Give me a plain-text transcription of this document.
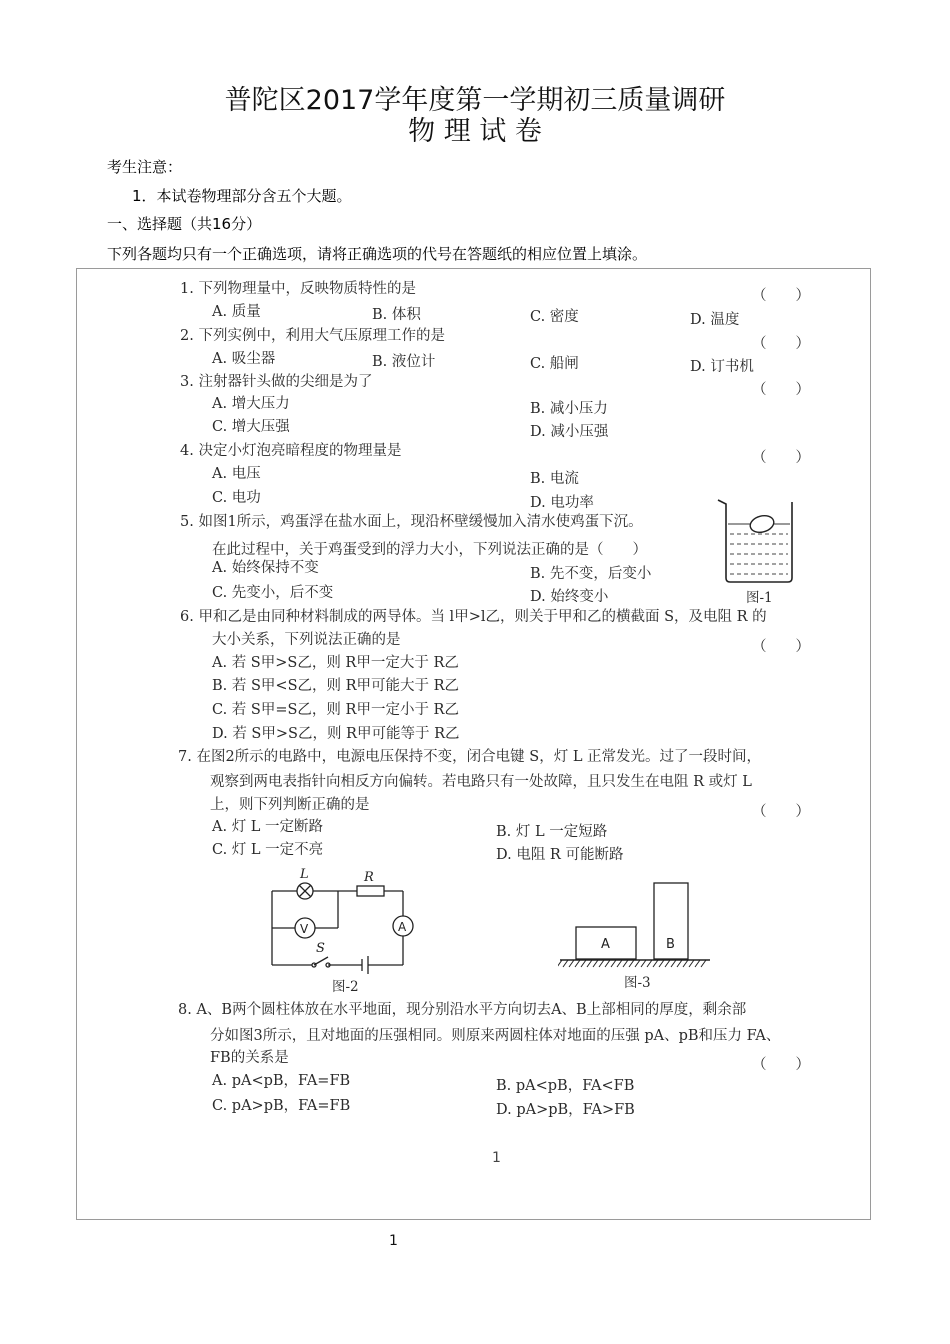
普陀区2017学年度第一学期初三质量调研
物 理 试 卷
考生注意：
1．本试卷物理部分含五个大题。
一、选择题（共16分）
下列各题均只有一个正确选项，请将正确选项的代号在答题纸的相应位置上填涂。
1. 下列物理量中，反映物质特性的是	（　　）
A. 质量	B. 体积	C. 密度	D. 温度
2. 下列实例中，利用大气压原理工作的是	（　　）
A. 吸尘器	B. 液位计	C. 船闸	D. 订书机
3. 注射器针头做的尖细是为了	（　　）
A. 增大压力	B. 减小压力
C. 增大压强	D. 减小压强
4. 决定小灯泡亮暗程度的物理量是	（　　）
A. 电压	B. 电流
C. 电功	D. 电功率
5. 如图1所示，鸡蛋浮在盐水面上，现沿杯壁缓慢加入清水使鸡蛋下沉。
在此过程中，关于鸡蛋受到的浮力大小，下列说法正确的是（　　）
A. 始终保持不变	B. 先不变，后变小
C. 先变小，后不变	D. 始终变小	图-1
6. 甲和乙是由同种材料制成的两导体。当 l甲>l乙，则关于甲和乙的横截面 S，及电阻 R 的
大小关系，下列说法正确的是	（　　）
A. 若 S甲>S乙，则 R甲一定大于 R乙
B. 若 S甲<S乙，则 R甲可能大于 R乙
C. 若 S甲=S乙，则 R甲一定小于 R乙
D. 若 S甲>S乙，则 R甲可能等于 R乙
7. 在图2所示的电路中，电源电压保持不变，闭合电键 S，灯 L 正常发光。过了一段时间，
观察到两电表指针向相反方向偏转。若电路只有一处故障，且只发生在电阻 R 或灯 L
上，则下列判断正确的是	（　　）
A. 灯 L 一定断路	B. 灯 L 一定短路
C. 灯 L 一定不亮	D. 电阻 R 可能断路
L	R
V	A
S
图-2
A	B
图-3
8. A、B两个圆柱体放在水平地面，现分别沿水平方向切去A、B上部相同的厚度，剩余部
分如图3所示，且对地面的压强相同。则原来两圆柱体对地面的压强 pA、pB和压力 FA、
FB的关系是	（　　）
A. pA<pB，FA=FB	B. pA<pB，FA<FB
C. pA>pB，FA=FB	D. pA>pB，FA>FB
1
1
